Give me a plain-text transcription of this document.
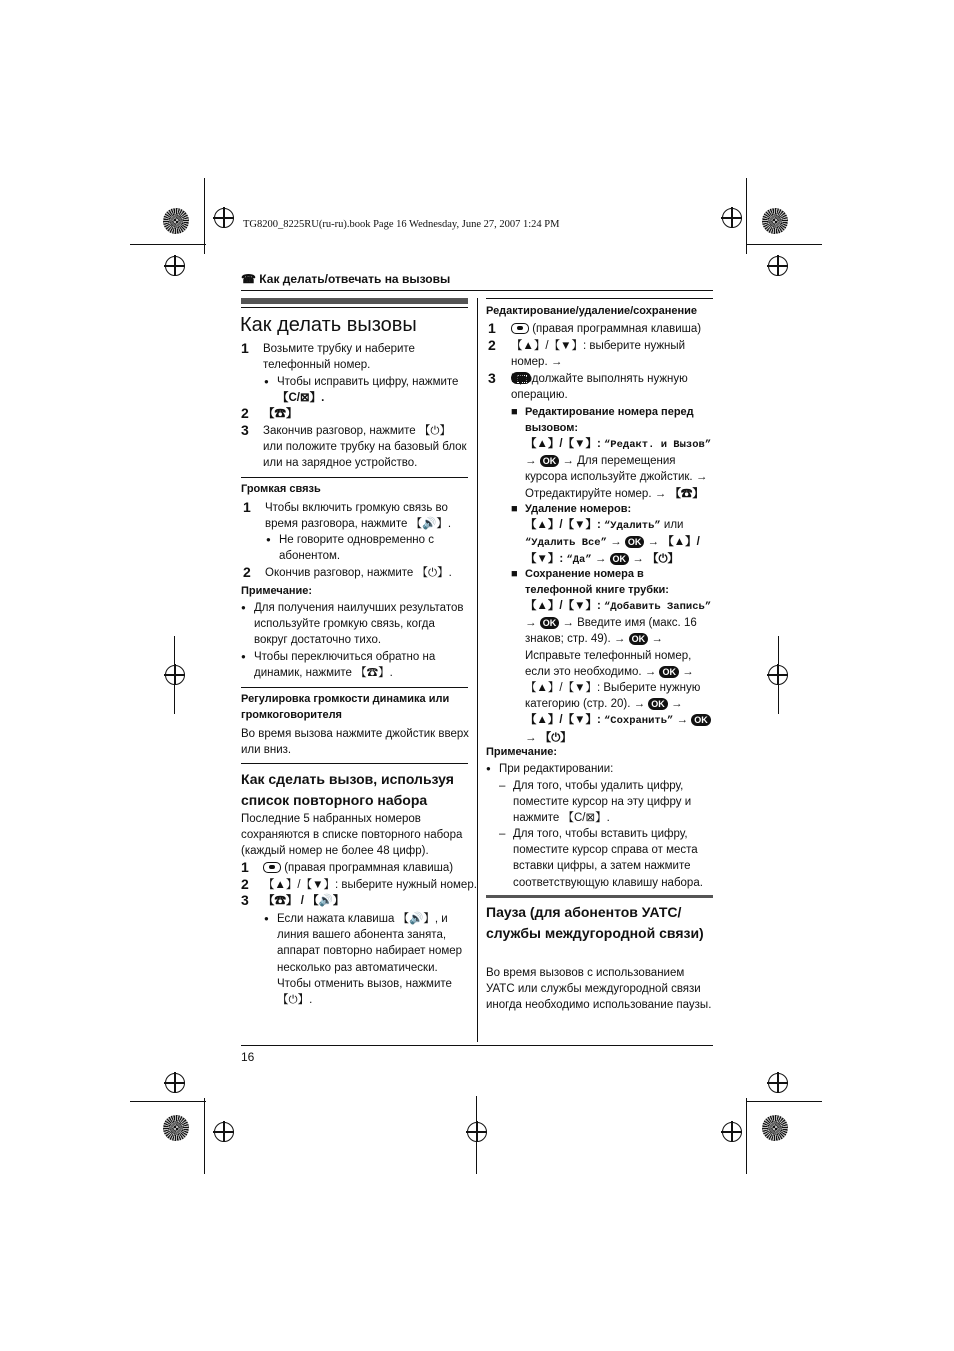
TG8200_8225RU(ru-ru).book Page 16 Wednesday, June 27, 2007 1:24 PM
☎ Как делать/отвечать на вызовы
Как делать вызовы
1 Возьмите трубку и наберите телефонный номер.
● Чтобы исправить цифру, нажмите
【C/⊠】.
2 【☎】
3 Закончив разговор, нажмите 【⏻】 или положите трубку на базовый блок или на зарядное устройство.
Громкая связь
1 Чтобы включить громкую связь во время разговора, нажмите 【🔊】.
● Не говорите одновременно с абонентом.
2 Окончив разговор, нажмите 【⏻】.
Примечание:
● Для получения наилучших результатов используйте громкую связь, когда вокруг достаточно тихо.
● Чтобы переключиться обратно на динамик, нажмите 【☎】.
Регулировка громкости динамика или громкоговорителя
Во время вызова нажмите джойстик вверх или вниз.
Как сделать вызов, используя список повторного набора
Последние 5 набранных номеров сохраняются в списке повторного набора (каждый номер не более 48 цифр).
1	(правая программная клавиша)
2 【▲】/【▼】: выберите нужный номер.
3 【☎】 / 【🔊】
● Если нажата клавиша 【🔊】, и линия вашего абонента занята, аппарат повторно набирает номер несколько раз автоматически. Чтобы отменить вызов, нажмите 【⏻】.
Редактирование/удаление/сохранение
1	(правая программная клавиша)
2 【▲】/【▼】: выберите нужный номер. →

3 Продолжайте выполнять нужную операцию.
■ Редактирование номера перед вызовом:
【▲】/【▼】: “Редакт. и Вызов” → OK → Для перемещения курсора используйте джойстик. → Отредактируйте номер. → 【☎】
■ Удаление номеров:
【▲】/【▼】: “Удалить” или “Удалить Все” → OK → 【▲】/【▼】: “Да” → OK → 【⏻】
■ Сохранение номера в телефонной книге трубки:
【▲】/【▼】: “Добавить Запись” → OK → Введите имя (макс. 16 знаков; стр. 49). → OK → Исправьте телефонный номер, если это необходимо. → OK → 【▲】/【▼】: Выберите нужную категорию (стр. 20). → OK → 【▲】/【▼】: “Сохранить” → OK → 【⏻】
Примечание:
● При редактировании:
– Для того, чтобы удалить цифру, поместите курсор на эту цифру и нажмите 【C/⊠】.
– Для того, чтобы вставить цифру, поместите курсор справа от места вставки цифры, а затем нажмите соответствующую клавишу набора.
Пауза (для абонентов УАТС/службы междугородной связи)
Во время вызовов с использованием УАТС или службы междугородной связи иногда необходимо использование паузы.
16
